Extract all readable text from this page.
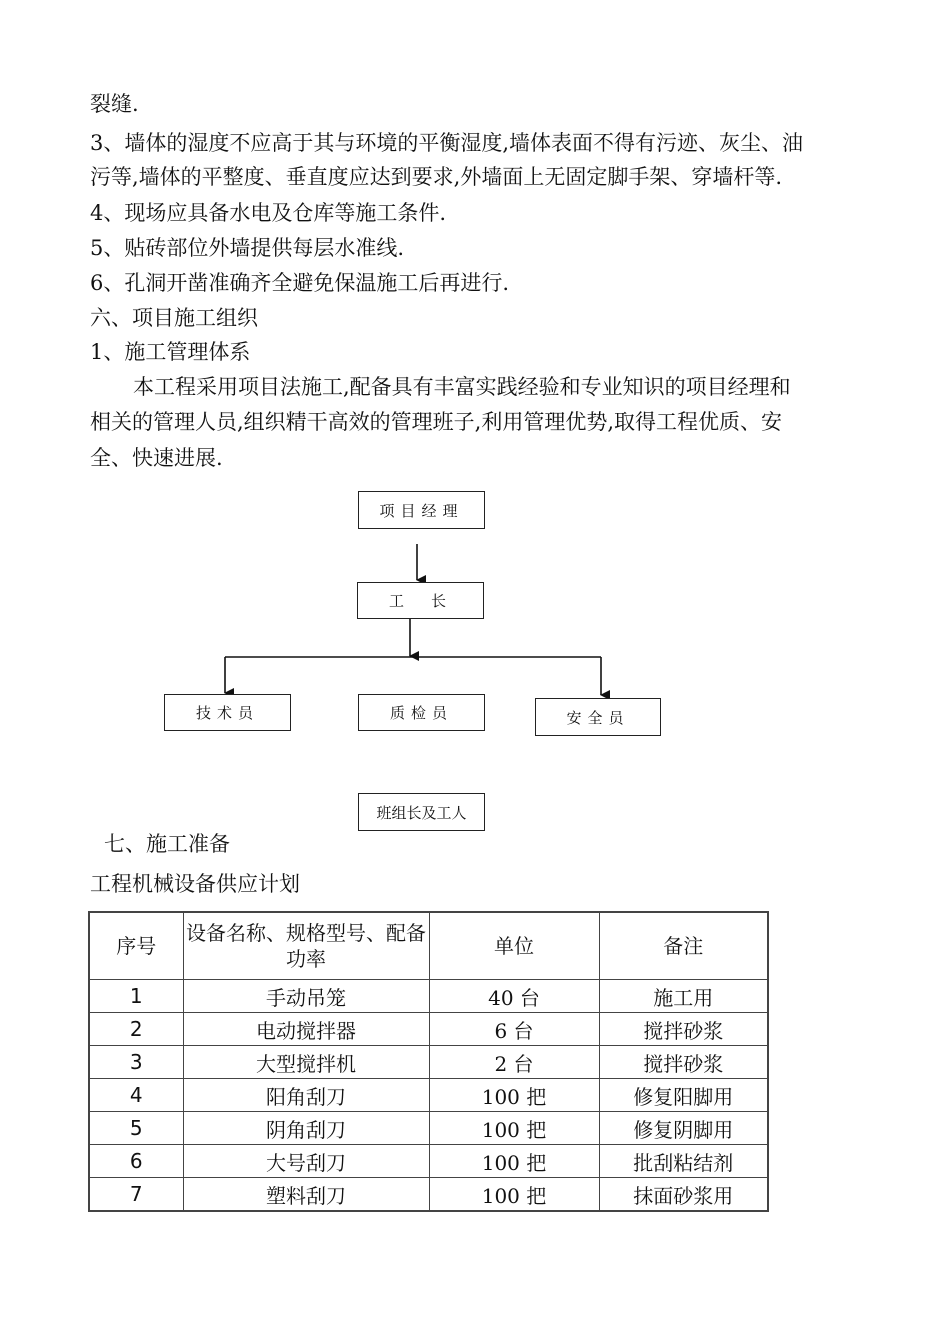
裂缝.
3、墙体的湿度不应高于其与环境的平衡湿度,墙体表面不得有污迹、灰尘、油
污等,墙体的平整度、垂直度应达到要求,外墙面上无固定脚手架、穿墙杆等.
4、现场应具备水电及仓库等施工条件.
5、贴砖部位外墙提供每层水准线.
6、孔洞开凿准确齐全避免保温施工后再进行.
六、项目施工组织
1、施工管理体系
本工程采用项目法施工,配备具有丰富实践经验和专业知识的项目经理和
相关的管理人员,组织精干高效的管理班子,利用管理优势,取得工程优质、安
全、快速进展.
项目经理
工　长
技术员	质检员	安全员
班组长及工人
七、施工准备
工程机械设备供应计划
序号	设备名称、规格型号、配备功率	单位	备注
1	手动吊笼	40 台	施工用
2	电动搅拌器	6 台	搅拌砂浆
3	大型搅拌机	2 台	搅拌砂浆
4	阳角刮刀	100 把	修复阳脚用
5	阴角刮刀	100 把	修复阴脚用
6	大号刮刀	100 把	批刮粘结剂
7	塑料刮刀	100 把	抹面砂浆用
